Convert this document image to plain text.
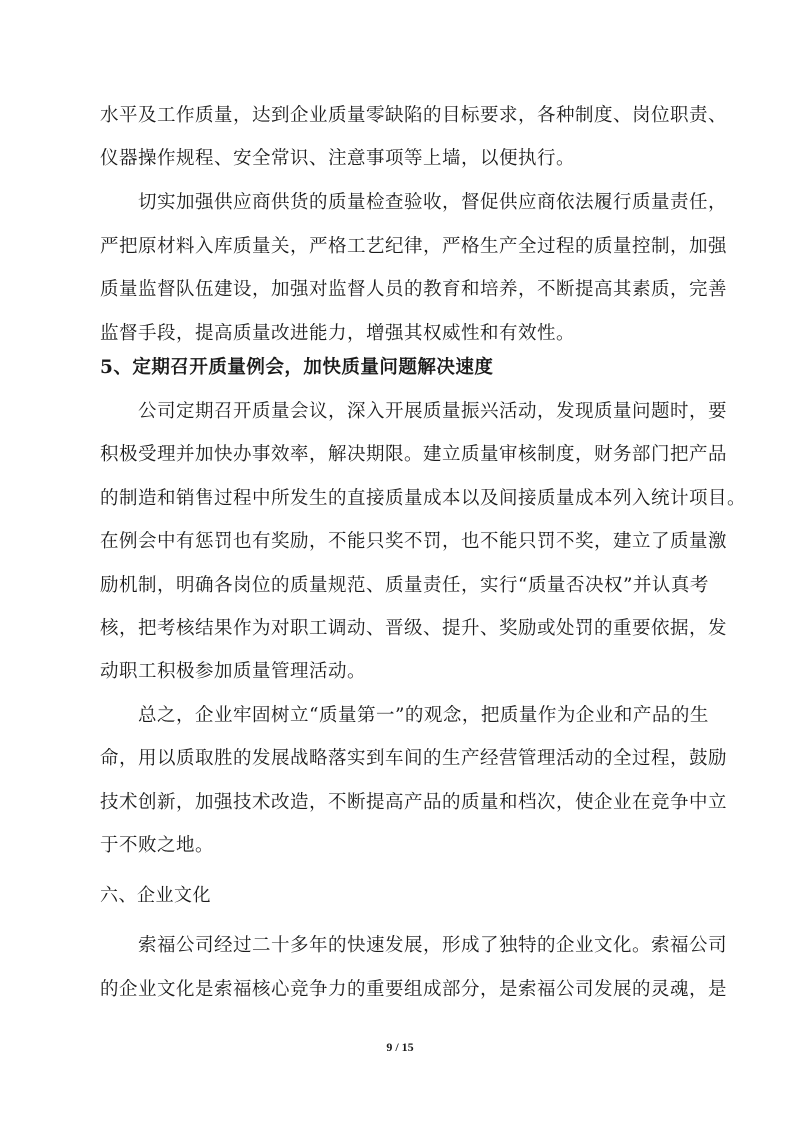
水平及工作质量，达到企业质量零缺陷的目标要求，各种制度、岗位职责、
仪器操作规程、安全常识、注意事项等上墙，以便执行。
切实加强供应商供货的质量检查验收，督促供应商依法履行质量责任，
严把原材料入库质量关，严格工艺纪律，严格生产全过程的质量控制，加强
质量监督队伍建设，加强对监督人员的教育和培养，不断提高其素质，完善
监督手段，提高质量改进能力，增强其权威性和有效性。
5、定期召开质量例会，加快质量问题解决速度
公司定期召开质量会议，深入开展质量振兴活动，发现质量问题时，要
积极受理并加快办事效率，解决期限。建立质量审核制度，财务部门把产品
的制造和销售过程中所发生的直接质量成本以及间接质量成本列入统计项目。
在例会中有惩罚也有奖励，不能只奖不罚，也不能只罚不奖，建立了质量激
励机制，明确各岗位的质量规范、质量责任，实行“质量否决权”并认真考
核，把考核结果作为对职工调动、晋级、提升、奖励或处罚的重要依据，发
动职工积极参加质量管理活动。
总之，企业牢固树立“质量第一”的观念，把质量作为企业和产品的生
命，用以质取胜的发展战略落实到车间的生产经营管理活动的全过程，鼓励
技术创新，加强技术改造，不断提高产品的质量和档次，使企业在竞争中立
于不败之地。
六、企业文化
索福公司经过二十多年的快速发展，形成了独特的企业文化。索福公司
的企业文化是索福核心竞争力的重要组成部分，是索福公司发展的灵魂，是
9 / 15
